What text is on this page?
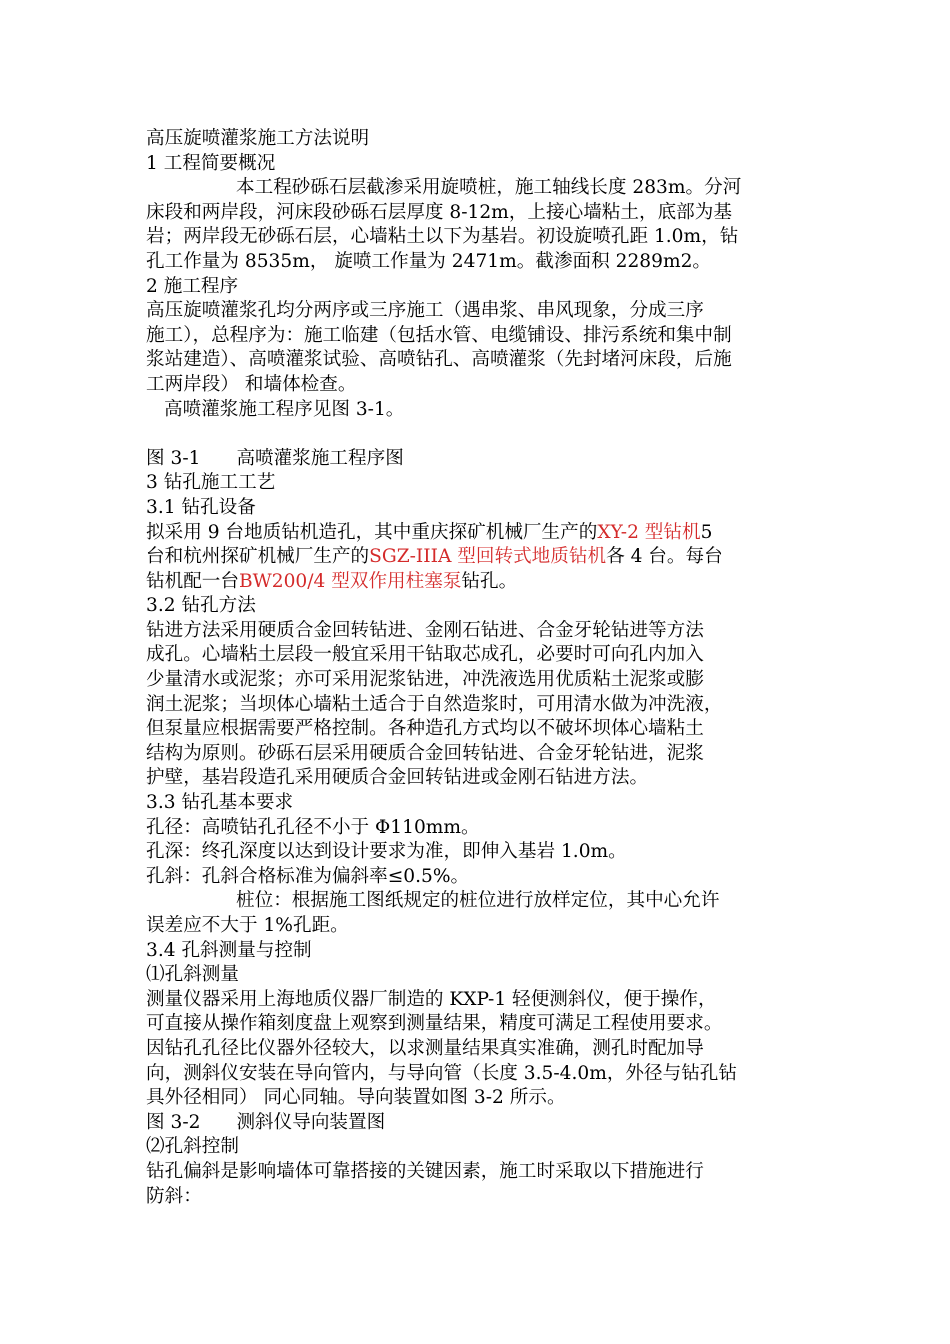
高压旋喷灌浆施工方法说明
1 工程简要概况
本工程砂砾石层截渗采用旋喷桩，施工轴线长度 283m。分河
床段和两岸段，河床段砂砾石层厚度 8-12m，上接心墙粘土，底部为基
岩；两岸段无砂砾石层，心墙粘土以下为基岩。初设旋喷孔距 1.0m，钻
孔工作量为 8535m， 旋喷工作量为 2471m。截渗面积 2289m2。
2 施工程序
高压旋喷灌浆孔均分两序或三序施工（遇串浆、串风现象，分成三序
施工），总程序为：施工临建（包括水管、电缆铺设、排污系统和集中制
浆站建造）、高喷灌浆试验、高喷钻孔、高喷灌浆（先封堵河床段，后施
工两岸段） 和墙体检查。
高喷灌浆施工程序见图 3-1。
图 3-1 高喷灌浆施工程序图
3 钻孔施工工艺
3.1 钻孔设备
拟采用 9 台地质钻机造孔，其中重庆探矿机械厂生产的XY-2 型钻机5
台和杭州探矿机械厂生产的SGZ-IIIA 型回转式地质钻机各 4 台。每台
钻机配一台BW200/4 型双作用柱塞泵钻孔。
3.2 钻孔方法
钻进方法采用硬质合金回转钻进、金刚石钻进、合金牙轮钻进等方法
成孔。心墙粘土层段一般宜采用干钻取芯成孔，必要时可向孔内加入
少量清水或泥浆；亦可采用泥浆钻进，冲洗液选用优质粘土泥浆或膨
润土泥浆；当坝体心墙粘土适合于自然造浆时，可用清水做为冲洗液，
但泵量应根据需要严格控制。各种造孔方式均以不破坏坝体心墙粘土
结构为原则。砂砾石层采用硬质合金回转钻进、合金牙轮钻进，泥浆
护壁，基岩段造孔采用硬质合金回转钻进或金刚石钻进方法。
3.3 钻孔基本要求
孔径：高喷钻孔孔径不小于 Φ110mm。
孔深：终孔深度以达到设计要求为准，即伸入基岩 1.0m。
孔斜：孔斜合格标准为偏斜率≤0.5%。
桩位：根据施工图纸规定的桩位进行放样定位，其中心允许
误差应不大于 1%孔距。
3.4 孔斜测量与控制
⑴孔斜测量
测量仪器采用上海地质仪器厂制造的 KXP-1 轻便测斜仪，便于操作，
可直接从操作箱刻度盘上观察到测量结果，精度可满足工程使用要求。
因钻孔孔径比仪器外径较大，以求测量结果真实准确，测孔时配加导
向，测斜仪安装在导向管内，与导向管（长度 3.5-4.0m，外径与钻孔钻
具外径相同） 同心同轴。导向装置如图 3-2 所示。
图 3-2 测斜仪导向装置图
⑵孔斜控制
钻孔偏斜是影响墙体可靠搭接的关键因素，施工时采取以下措施进行
防斜：
